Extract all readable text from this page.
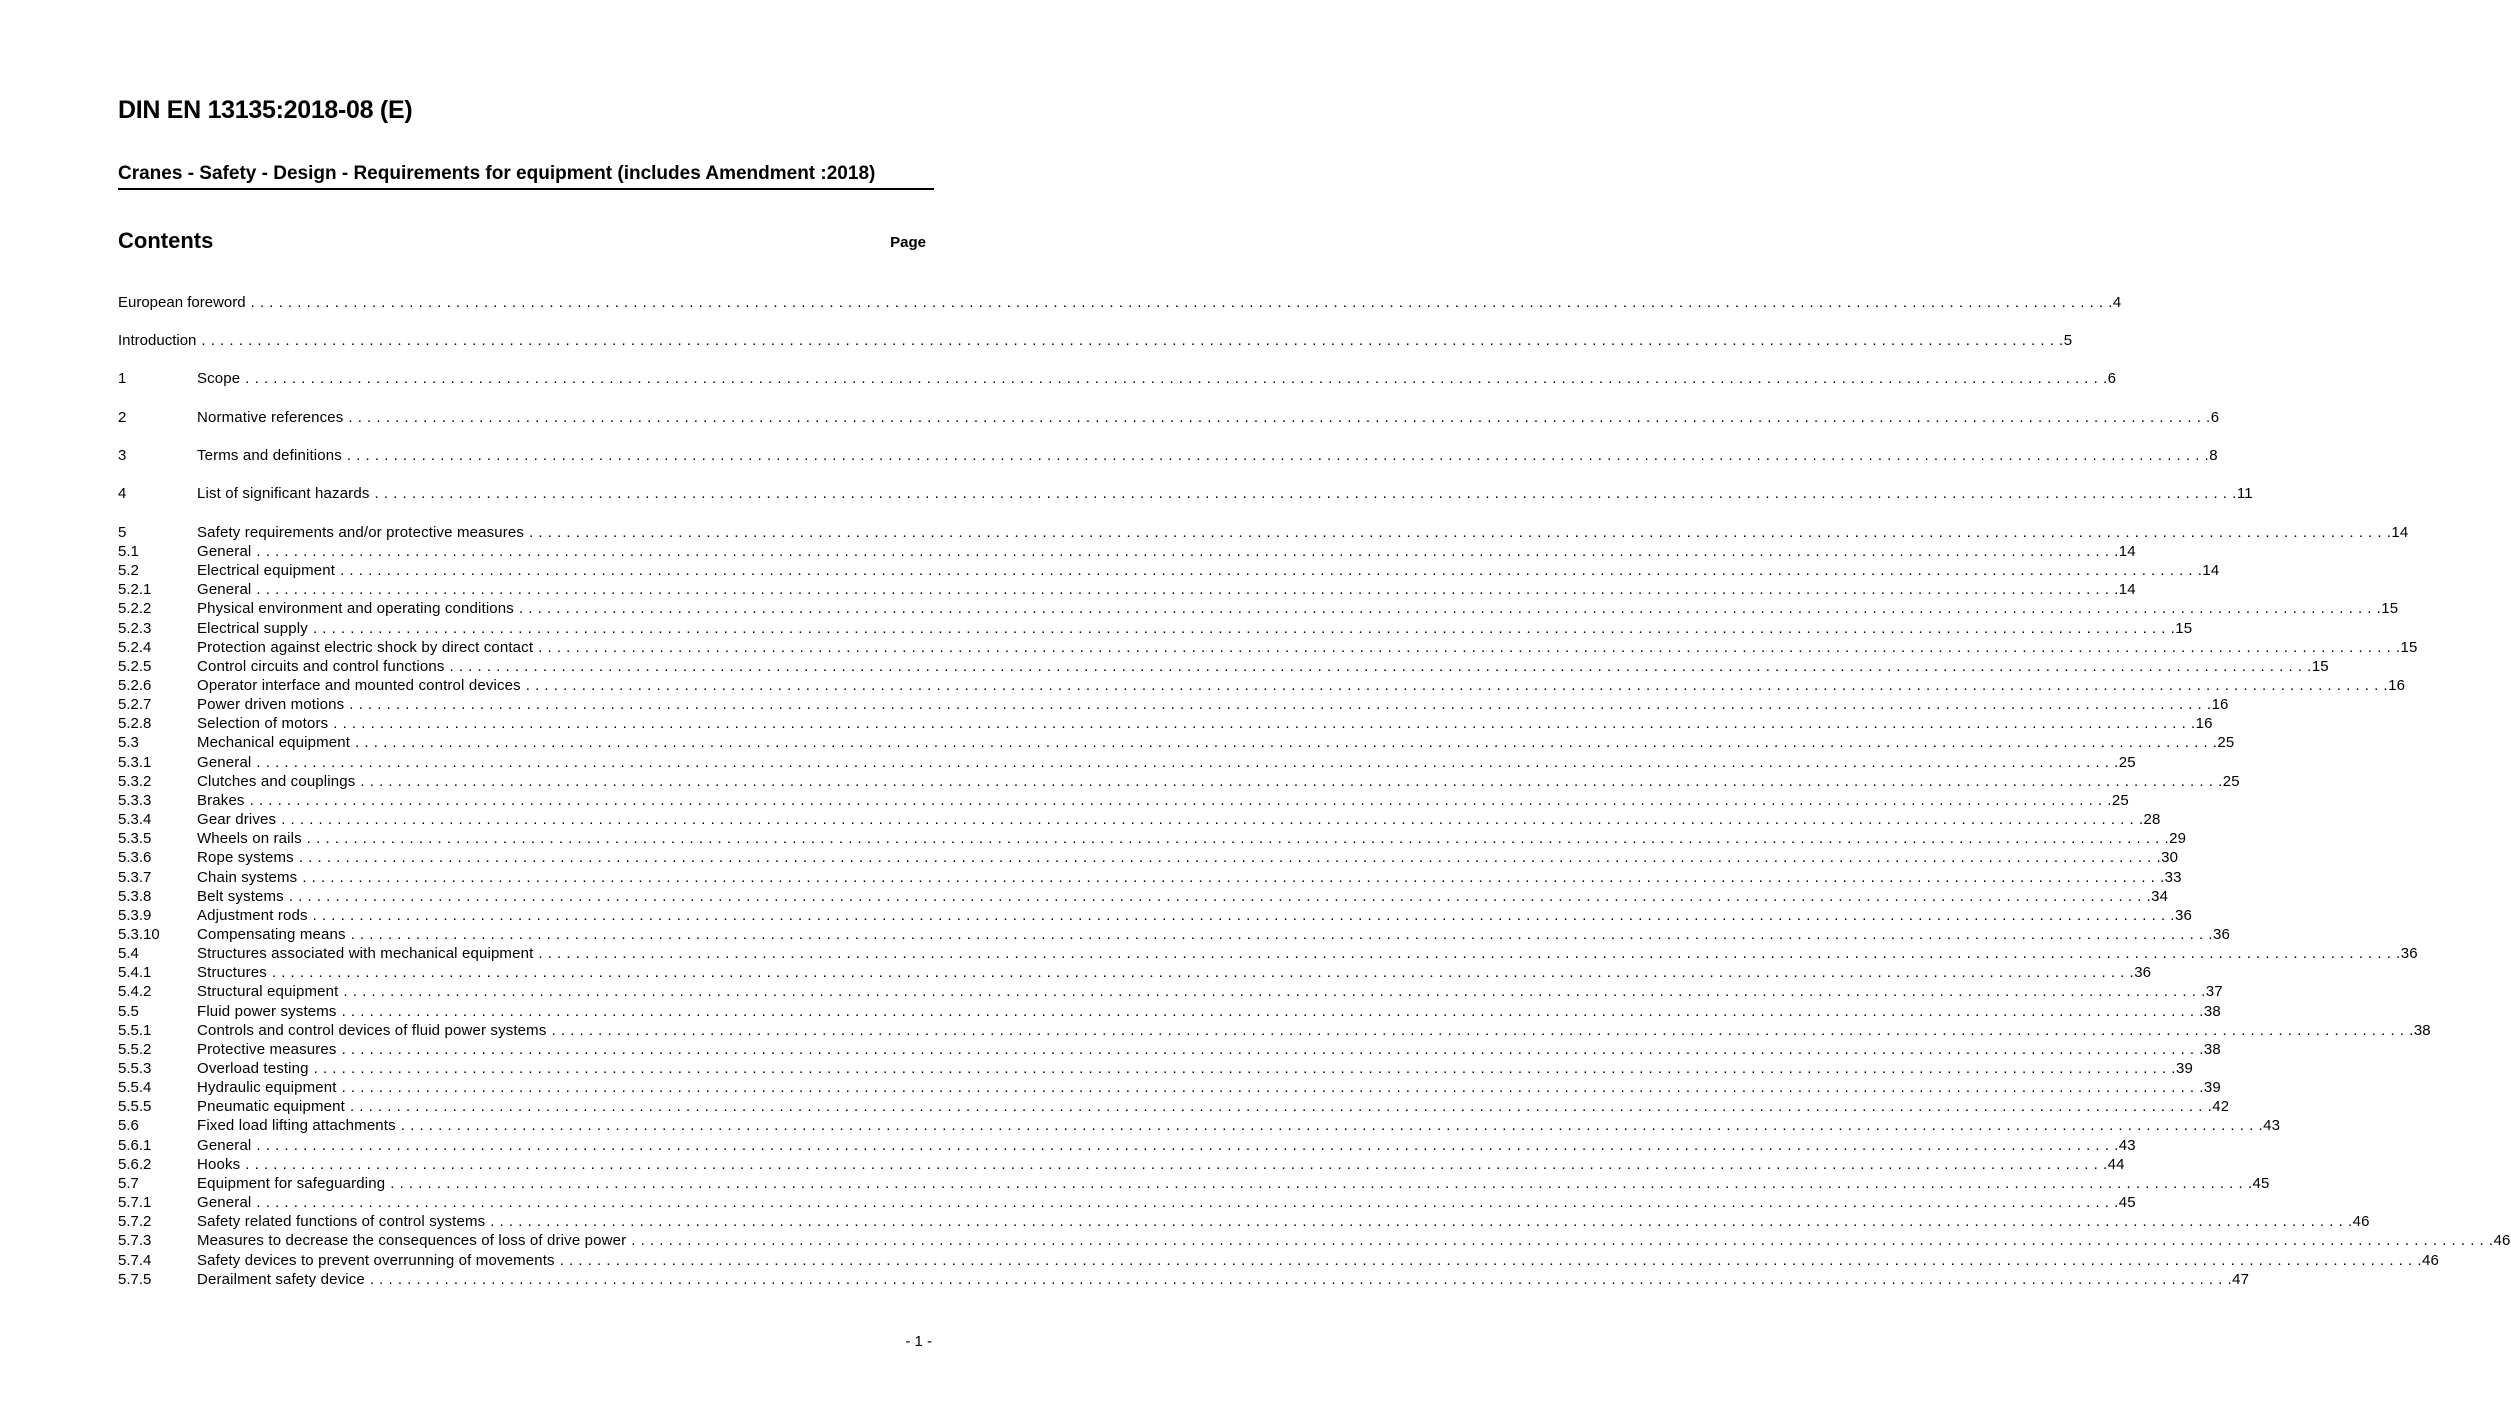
DIN EN 13135:2018-08 (E)
Cranes - Safety - Design - Requirements for equipment (includes Amendment :2018)
Contents	Page
European foreword . . . . . . . . . . . . . . . . . . . . . . . . . . . . . . . . . . . . . . . . . . . . . . . . . . . . . . . . . . . . . . . . . . . . . . . . . . . . . . . . . . . . . . . . . . . . . . . . . . . . . . . . . . . . . . . . . . . . . . . . . . . . . . . . . . . . . . . . . . . . . . . . . . . . . . . . . . . . . . . . . . . . . . . . . . . . . . . . . . . . . . . . . . . . . . . . . . . . . . . . 4
Introduction . . . . . . . . . . . . . . . . . . . . . . . . . . . . . . . . . . . . . . . . . . . . . . . . . . . . . . . . . . . . . . . . . . . . . . . . . . . . . . . . . . . . . . . . . . . . . . . . . . . . . . . . . . . . . . . . . . . . . . . . . . . . . . . . . . . . . . . . . . . . . . . . . . . . . . . . . . . . . . . . . . . . . . . . . . . . . . . . . . . . . . . . . . . . . . . . . . . . . . . . 5
1	Scope . . . . . . . . . . . . . . . . . . . . . . . . . . . . . . . . . . . . . . . . . . . . . . . . . . . . . . . . . . . . . . . . . . . . . . . . . . . . . . . . . . . . . . . . . . . . . . . . . . . . . . . . . . . . . . . . . . . . . . . . . . . . . . . . . . . . . . . . . . . . . . . . . . . . . . . . . . . . . . . . . . . . . . . . . . . . . . . . . . . . . . . . . . . . . . . . . . . . . . . . 6
2	Normative references . . . . . . . . . . . . . . . . . . . . . . . . . . . . . . . . . . . . . . . . . . . . . . . . . . . . . . . . . . . . . . . . . . . . . . . . . . . . . . . . . . . . . . . . . . . . . . . . . . . . . . . . . . . . . . . . . . . . . . . . . . . . . . . . . . . . . . . . . . . . . . . . . . . . . . . . . . . . . . . . . . . . . . . . . . . . . . . . . . . . . . . . . . . . . . . . . . . . . . . . 6
3	Terms and definitions . . . . . . . . . . . . . . . . . . . . . . . . . . . . . . . . . . . . . . . . . . . . . . . . . . . . . . . . . . . . . . . . . . . . . . . . . . . . . . . . . . . . . . . . . . . . . . . . . . . . . . . . . . . . . . . . . . . . . . . . . . . . . . . . . . . . . . . . . . . . . . . . . . . . . . . . . . . . . . . . . . . . . . . . . . . . . . . . . . . . . . . . . . . . . . . . . . . . . . . . 8
4	List of significant hazards . . . . . . . . . . . . . . . . . . . . . . . . . . . . . . . . . . . . . . . . . . . . . . . . . . . . . . . . . . . . . . . . . . . . . . . . . . . . . . . . . . . . . . . . . . . . . . . . . . . . . . . . . . . . . . . . . . . . . . . . . . . . . . . . . . . . . . . . . . . . . . . . . . . . . . . . . . . . . . . . . . . . . . . . . . . . . . . . . . . . . . . . . . . . . . . . . . . . . . . . 11
5	Safety requirements and/or protective measures . . . . . . . . . . . . . . . . . . . . . . . . . . . . . . . . . . . . . . . . . . . . . . . . . . . . . . . . . . . . . . . . . . . . . . . . . . . . . . . . . . . . . . . . . . . . . . . . . . . . . . . . . . . . . . . . . . . . . . . . . . . . . . . . . . . . . . . . . . . . . . . . . . . . . . . . . . . . . . . . . . . . . . . . . . . . . . . . . . . . . . . . . . . . . . . . . . . . . . . . 14
5.1	General . . . . . . . . . . . . . . . . . . . . . . . . . . . . . . . . . . . . . . . . . . . . . . . . . . . . . . . . . . . . . . . . . . . . . . . . . . . . . . . . . . . . . . . . . . . . . . . . . . . . . . . . . . . . . . . . . . . . . . . . . . . . . . . . . . . . . . . . . . . . . . . . . . . . . . . . . . . . . . . . . . . . . . . . . . . . . . . . . . . . . . . . . . . . . . . . . . . . . . . . 14
5.2	Electrical equipment . . . . . . . . . . . . . . . . . . . . . . . . . . . . . . . . . . . . . . . . . . . . . . . . . . . . . . . . . . . . . . . . . . . . . . . . . . . . . . . . . . . . . . . . . . . . . . . . . . . . . . . . . . . . . . . . . . . . . . . . . . . . . . . . . . . . . . . . . . . . . . . . . . . . . . . . . . . . . . . . . . . . . . . . . . . . . . . . . . . . . . . . . . . . . . . . . . . . . . . . 14
5.2.1	General . . . . . . . . . . . . . . . . . . . . . . . . . . . . . . . . . . . . . . . . . . . . . . . . . . . . . . . . . . . . . . . . . . . . . . . . . . . . . . . . . . . . . . . . . . . . . . . . . . . . . . . . . . . . . . . . . . . . . . . . . . . . . . . . . . . . . . . . . . . . . . . . . . . . . . . . . . . . . . . . . . . . . . . . . . . . . . . . . . . . . . . . . . . . . . . . . . . . . . . . 14
5.2.2	Physical environment and operating conditions . . . . . . . . . . . . . . . . . . . . . . . . . . . . . . . . . . . . . . . . . . . . . . . . . . . . . . . . . . . . . . . . . . . . . . . . . . . . . . . . . . . . . . . . . . . . . . . . . . . . . . . . . . . . . . . . . . . . . . . . . . . . . . . . . . . . . . . . . . . . . . . . . . . . . . . . . . . . . . . . . . . . . . . . . . . . . . . . . . . . . . . . . . . . . . . . . . . . . . . . 15
5.2.3	Electrical supply . . . . . . . . . . . . . . . . . . . . . . . . . . . . . . . . . . . . . . . . . . . . . . . . . . . . . . . . . . . . . . . . . . . . . . . . . . . . . . . . . . . . . . . . . . . . . . . . . . . . . . . . . . . . . . . . . . . . . . . . . . . . . . . . . . . . . . . . . . . . . . . . . . . . . . . . . . . . . . . . . . . . . . . . . . . . . . . . . . . . . . . . . . . . . . . . . . . . . . . . 15
5.2.4	Protection against electric shock by direct contact . . . . . . . . . . . . . . . . . . . . . . . . . . . . . . . . . . . . . . . . . . . . . . . . . . . . . . . . . . . . . . . . . . . . . . . . . . . . . . . . . . . . . . . . . . . . . . . . . . . . . . . . . . . . . . . . . . . . . . . . . . . . . . . . . . . . . . . . . . . . . . . . . . . . . . . . . . . . . . . . . . . . . . . . . . . . . . . . . . . . . . . . . . . . . . . . . . . . . . . . 15
5.2.5	Control circuits and control functions . . . . . . . . . . . . . . . . . . . . . . . . . . . . . . . . . . . . . . . . . . . . . . . . . . . . . . . . . . . . . . . . . . . . . . . . . . . . . . . . . . . . . . . . . . . . . . . . . . . . . . . . . . . . . . . . . . . . . . . . . . . . . . . . . . . . . . . . . . . . . . . . . . . . . . . . . . . . . . . . . . . . . . . . . . . . . . . . . . . . . . . . . . . . . . . . . . . . . . . . 15
5.2.6	Operator interface and mounted control devices . . . . . . . . . . . . . . . . . . . . . . . . . . . . . . . . . . . . . . . . . . . . . . . . . . . . . . . . . . . . . . . . . . . . . . . . . . . . . . . . . . . . . . . . . . . . . . . . . . . . . . . . . . . . . . . . . . . . . . . . . . . . . . . . . . . . . . . . . . . . . . . . . . . . . . . . . . . . . . . . . . . . . . . . . . . . . . . . . . . . . . . . . . . . . . . . . . . . . . . . 16
5.2.7	Power driven motions . . . . . . . . . . . . . . . . . . . . . . . . . . . . . . . . . . . . . . . . . . . . . . . . . . . . . . . . . . . . . . . . . . . . . . . . . . . . . . . . . . . . . . . . . . . . . . . . . . . . . . . . . . . . . . . . . . . . . . . . . . . . . . . . . . . . . . . . . . . . . . . . . . . . . . . . . . . . . . . . . . . . . . . . . . . . . . . . . . . . . . . . . . . . . . . . . . . . . . . . 16
5.2.8	Selection of motors . . . . . . . . . . . . . . . . . . . . . . . . . . . . . . . . . . . . . . . . . . . . . . . . . . . . . . . . . . . . . . . . . . . . . . . . . . . . . . . . . . . . . . . . . . . . . . . . . . . . . . . . . . . . . . . . . . . . . . . . . . . . . . . . . . . . . . . . . . . . . . . . . . . . . . . . . . . . . . . . . . . . . . . . . . . . . . . . . . . . . . . . . . . . . . . . . . . . . . . . 16
5.3	Mechanical equipment . . . . . . . . . . . . . . . . . . . . . . . . . . . . . . . . . . . . . . . . . . . . . . . . . . . . . . . . . . . . . . . . . . . . . . . . . . . . . . . . . . . . . . . . . . . . . . . . . . . . . . . . . . . . . . . . . . . . . . . . . . . . . . . . . . . . . . . . . . . . . . . . . . . . . . . . . . . . . . . . . . . . . . . . . . . . . . . . . . . . . . . . . . . . . . . . . . . . . . . . 25
5.3.1	General . . . . . . . . . . . . . . . . . . . . . . . . . . . . . . . . . . . . . . . . . . . . . . . . . . . . . . . . . . . . . . . . . . . . . . . . . . . . . . . . . . . . . . . . . . . . . . . . . . . . . . . . . . . . . . . . . . . . . . . . . . . . . . . . . . . . . . . . . . . . . . . . . . . . . . . . . . . . . . . . . . . . . . . . . . . . . . . . . . . . . . . . . . . . . . . . . . . . . . . . 25
5.3.2	Clutches and couplings . . . . . . . . . . . . . . . . . . . . . . . . . . . . . . . . . . . . . . . . . . . . . . . . . . . . . . . . . . . . . . . . . . . . . . . . . . . . . . . . . . . . . . . . . . . . . . . . . . . . . . . . . . . . . . . . . . . . . . . . . . . . . . . . . . . . . . . . . . . . . . . . . . . . . . . . . . . . . . . . . . . . . . . . . . . . . . . . . . . . . . . . . . . . . . . . . . . . . . . . 25
5.3.3	Brakes . . . . . . . . . . . . . . . . . . . . . . . . . . . . . . . . . . . . . . . . . . . . . . . . . . . . . . . . . . . . . . . . . . . . . . . . . . . . . . . . . . . . . . . . . . . . . . . . . . . . . . . . . . . . . . . . . . . . . . . . . . . . . . . . . . . . . . . . . . . . . . . . . . . . . . . . . . . . . . . . . . . . . . . . . . . . . . . . . . . . . . . . . . . . . . . . . . . . . . . . 25
5.3.4	Gear drives . . . . . . . . . . . . . . . . . . . . . . . . . . . . . . . . . . . . . . . . . . . . . . . . . . . . . . . . . . . . . . . . . . . . . . . . . . . . . . . . . . . . . . . . . . . . . . . . . . . . . . . . . . . . . . . . . . . . . . . . . . . . . . . . . . . . . . . . . . . . . . . . . . . . . . . . . . . . . . . . . . . . . . . . . . . . . . . . . . . . . . . . . . . . . . . . . . . . . . . . 28
5.3.5	Wheels on rails . . . . . . . . . . . . . . . . . . . . . . . . . . . . . . . . . . . . . . . . . . . . . . . . . . . . . . . . . . . . . . . . . . . . . . . . . . . . . . . . . . . . . . . . . . . . . . . . . . . . . . . . . . . . . . . . . . . . . . . . . . . . . . . . . . . . . . . . . . . . . . . . . . . . . . . . . . . . . . . . . . . . . . . . . . . . . . . . . . . . . . . . . . . . . . . . . . . . . . . . 29
5.3.6	Rope systems . . . . . . . . . . . . . . . . . . . . . . . . . . . . . . . . . . . . . . . . . . . . . . . . . . . . . . . . . . . . . . . . . . . . . . . . . . . . . . . . . . . . . . . . . . . . . . . . . . . . . . . . . . . . . . . . . . . . . . . . . . . . . . . . . . . . . . . . . . . . . . . . . . . . . . . . . . . . . . . . . . . . . . . . . . . . . . . . . . . . . . . . . . . . . . . . . . . . . . . . 30
5.3.7	Chain systems . . . . . . . . . . . . . . . . . . . . . . . . . . . . . . . . . . . . . . . . . . . . . . . . . . . . . . . . . . . . . . . . . . . . . . . . . . . . . . . . . . . . . . . . . . . . . . . . . . . . . . . . . . . . . . . . . . . . . . . . . . . . . . . . . . . . . . . . . . . . . . . . . . . . . . . . . . . . . . . . . . . . . . . . . . . . . . . . . . . . . . . . . . . . . . . . . . . . . . . . 33
5.3.8	Belt systems . . . . . . . . . . . . . . . . . . . . . . . . . . . . . . . . . . . . . . . . . . . . . . . . . . . . . . . . . . . . . . . . . . . . . . . . . . . . . . . . . . . . . . . . . . . . . . . . . . . . . . . . . . . . . . . . . . . . . . . . . . . . . . . . . . . . . . . . . . . . . . . . . . . . . . . . . . . . . . . . . . . . . . . . . . . . . . . . . . . . . . . . . . . . . . . . . . . . . . . . 34
5.3.9	Adjustment rods . . . . . . . . . . . . . . . . . . . . . . . . . . . . . . . . . . . . . . . . . . . . . . . . . . . . . . . . . . . . . . . . . . . . . . . . . . . . . . . . . . . . . . . . . . . . . . . . . . . . . . . . . . . . . . . . . . . . . . . . . . . . . . . . . . . . . . . . . . . . . . . . . . . . . . . . . . . . . . . . . . . . . . . . . . . . . . . . . . . . . . . . . . . . . . . . . . . . . . . . 36
5.3.10 Compensating means . . . . . . . . . . . . . . . . . . . . . . . . . . . . . . . . . . . . . . . . . . . . . . . . . . . . . . . . . . . . . . . . . . . . . . . . . . . . . . . . . . . . . . . . . . . . . . . . . . . . . . . . . . . . . . . . . . . . . . . . . . . . . . . . . . . . . . . . . . . . . . . . . . . . . . . . . . . . . . . . . . . . . . . . . . . . . . . . . . . . . . . . . . . . . . . . . . . . . . . . 36
5.4	Structures associated with mechanical equipment . . . . . . . . . . . . . . . . . . . . . . . . . . . . . . . . . . . . . . . . . . . . . . . . . . . . . . . . . . . . . . . . . . . . . . . . . . . . . . . . . . . . . . . . . . . . . . . . . . . . . . . . . . . . . . . . . . . . . . . . . . . . . . . . . . . . . . . . . . . . . . . . . . . . . . . . . . . . . . . . . . . . . . . . . . . . . . . . . . . . . . . . . . . . . . . . . . . . . . . . 36
5.4.1	Structures . . . . . . . . . . . . . . . . . . . . . . . . . . . . . . . . . . . . . . . . . . . . . . . . . . . . . . . . . . . . . . . . . . . . . . . . . . . . . . . . . . . . . . . . . . . . . . . . . . . . . . . . . . . . . . . . . . . . . . . . . . . . . . . . . . . . . . . . . . . . . . . . . . . . . . . . . . . . . . . . . . . . . . . . . . . . . . . . . . . . . . . . . . . . . . . . . . . . . . . . 36
5.4.2	Structural equipment . . . . . . . . . . . . . . . . . . . . . . . . . . . . . . . . . . . . . . . . . . . . . . . . . . . . . . . . . . . . . . . . . . . . . . . . . . . . . . . . . . . . . . . . . . . . . . . . . . . . . . . . . . . . . . . . . . . . . . . . . . . . . . . . . . . . . . . . . . . . . . . . . . . . . . . . . . . . . . . . . . . . . . . . . . . . . . . . . . . . . . . . . . . . . . . . . . . . . . . . 37
5.5	Fluid power systems . . . . . . . . . . . . . . . . . . . . . . . . . . . . . . . . . . . . . . . . . . . . . . . . . . . . . . . . . . . . . . . . . . . . . . . . . . . . . . . . . . . . . . . . . . . . . . . . . . . . . . . . . . . . . . . . . . . . . . . . . . . . . . . . . . . . . . . . . . . . . . . . . . . . . . . . . . . . . . . . . . . . . . . . . . . . . . . . . . . . . . . . . . . . . . . . . . . . . . . . 38
5.5.1	Controls and control devices of fluid power systems . . . . . . . . . . . . . . . . . . . . . . . . . . . . . . . . . . . . . . . . . . . . . . . . . . . . . . . . . . . . . . . . . . . . . . . . . . . . . . . . . . . . . . . . . . . . . . . . . . . . . . . . . . . . . . . . . . . . . . . . . . . . . . . . . . . . . . . . . . . . . . . . . . . . . . . . . . . . . . . . . . . . . . . . . . . . . . . . . . . . . . . . . . . . . . . . . . . . . . . . 38
5.5.2	Protective measures . . . . . . . . . . . . . . . . . . . . . . . . . . . . . . . . . . . . . . . . . . . . . . . . . . . . . . . . . . . . . . . . . . . . . . . . . . . . . . . . . . . . . . . . . . . . . . . . . . . . . . . . . . . . . . . . . . . . . . . . . . . . . . . . . . . . . . . . . . . . . . . . . . . . . . . . . . . . . . . . . . . . . . . . . . . . . . . . . . . . . . . . . . . . . . . . . . . . . . . . 38
5.5.3	Overload testing . . . . . . . . . . . . . . . . . . . . . . . . . . . . . . . . . . . . . . . . . . . . . . . . . . . . . . . . . . . . . . . . . . . . . . . . . . . . . . . . . . . . . . . . . . . . . . . . . . . . . . . . . . . . . . . . . . . . . . . . . . . . . . . . . . . . . . . . . . . . . . . . . . . . . . . . . . . . . . . . . . . . . . . . . . . . . . . . . . . . . . . . . . . . . . . . . . . . . . . . 39
5.5.4	Hydraulic equipment . . . . . . . . . . . . . . . . . . . . . . . . . . . . . . . . . . . . . . . . . . . . . . . . . . . . . . . . . . . . . . . . . . . . . . . . . . . . . . . . . . . . . . . . . . . . . . . . . . . . . . . . . . . . . . . . . . . . . . . . . . . . . . . . . . . . . . . . . . . . . . . . . . . . . . . . . . . . . . . . . . . . . . . . . . . . . . . . . . . . . . . . . . . . . . . . . . . . . . . . 39
5.5.5	Pneumatic equipment . . . . . . . . . . . . . . . . . . . . . . . . . . . . . . . . . . . . . . . . . . . . . . . . . . . . . . . . . . . . . . . . . . . . . . . . . . . . . . . . . . . . . . . . . . . . . . . . . . . . . . . . . . . . . . . . . . . . . . . . . . . . . . . . . . . . . . . . . . . . . . . . . . . . . . . . . . . . . . . . . . . . . . . . . . . . . . . . . . . . . . . . . . . . . . . . . . . . . . . . 42
5.6	Fixed load lifting attachments . . . . . . . . . . . . . . . . . . . . . . . . . . . . . . . . . . . . . . . . . . . . . . . . . . . . . . . . . . . . . . . . . . . . . . . . . . . . . . . . . . . . . . . . . . . . . . . . . . . . . . . . . . . . . . . . . . . . . . . . . . . . . . . . . . . . . . . . . . . . . . . . . . . . . . . . . . . . . . . . . . . . . . . . . . . . . . . . . . . . . . . . . . . . . . . . . . . . . . . . 43
5.6.1	General . . . . . . . . . . . . . . . . . . . . . . . . . . . . . . . . . . . . . . . . . . . . . . . . . . . . . . . . . . . . . . . . . . . . . . . . . . . . . . . . . . . . . . . . . . . . . . . . . . . . . . . . . . . . . . . . . . . . . . . . . . . . . . . . . . . . . . . . . . . . . . . . . . . . . . . . . . . . . . . . . . . . . . . . . . . . . . . . . . . . . . . . . . . . . . . . . . . . . . . . 43
5.6.2	Hooks . . . . . . . . . . . . . . . . . . . . . . . . . . . . . . . . . . . . . . . . . . . . . . . . . . . . . . . . . . . . . . . . . . . . . . . . . . . . . . . . . . . . . . . . . . . . . . . . . . . . . . . . . . . . . . . . . . . . . . . . . . . . . . . . . . . . . . . . . . . . . . . . . . . . . . . . . . . . . . . . . . . . . . . . . . . . . . . . . . . . . . . . . . . . . . . . . . . . . . . . 44
5.7	Equipment for safeguarding . . . . . . . . . . . . . . . . . . . . . . . . . . . . . . . . . . . . . . . . . . . . . . . . . . . . . . . . . . . . . . . . . . . . . . . . . . . . . . . . . . . . . . . . . . . . . . . . . . . . . . . . . . . . . . . . . . . . . . . . . . . . . . . . . . . . . . . . . . . . . . . . . . . . . . . . . . . . . . . . . . . . . . . . . . . . . . . . . . . . . . . . . . . . . . . . . . . . . . . . 45
5.7.1	General . . . . . . . . . . . . . . . . . . . . . . . . . . . . . . . . . . . . . . . . . . . . . . . . . . . . . . . . . . . . . . . . . . . . . . . . . . . . . . . . . . . . . . . . . . . . . . . . . . . . . . . . . . . . . . . . . . . . . . . . . . . . . . . . . . . . . . . . . . . . . . . . . . . . . . . . . . . . . . . . . . . . . . . . . . . . . . . . . . . . . . . . . . . . . . . . . . . . . . . . 45
5.7.2	Safety related functions of control systems . . . . . . . . . . . . . . . . . . . . . . . . . . . . . . . . . . . . . . . . . . . . . . . . . . . . . . . . . . . . . . . . . . . . . . . . . . . . . . . . . . . . . . . . . . . . . . . . . . . . . . . . . . . . . . . . . . . . . . . . . . . . . . . . . . . . . . . . . . . . . . . . . . . . . . . . . . . . . . . . . . . . . . . . . . . . . . . . . . . . . . . . . . . . . . . . . . . . . . . . 46
5.7.3	Measures to decrease the consequences of loss of drive power . . . . . . . . . . . . . . . . . . . . . . . . . . . . . . . . . . . . . . . . . . . . . . . . . . . . . . . . . . . . . . . . . . . . . . . . . . . . . . . . . . . . . . . . . . . . . . . . . . . . . . . . . . . . . . . . . . . . . . . . . . . . . . . . . . . . . . . . . . . . . . . . . . . . . . . . . . . . . . . . . . . . . . . . . . . . . . . . . . . . . . . . . . . . . . . . . . . . . . . . 46
5.7.4	Safety devices to prevent overrunning of movements . . . . . . . . . . . . . . . . . . . . . . . . . . . . . . . . . . . . . . . . . . . . . . . . . . . . . . . . . . . . . . . . . . . . . . . . . . . . . . . . . . . . . . . . . . . . . . . . . . . . . . . . . . . . . . . . . . . . . . . . . . . . . . . . . . . . . . . . . . . . . . . . . . . . . . . . . . . . . . . . . . . . . . . . . . . . . . . . . . . . . . . . . . . . . . . . . . . . . . . . 46
5.7.5	Derailment safety device . . . . . . . . . . . . . . . . . . . . . . . . . . . . . . . . . . . . . . . . . . . . . . . . . . . . . . . . . . . . . . . . . . . . . . . . . . . . . . . . . . . . . . . . . . . . . . . . . . . . . . . . . . . . . . . . . . . . . . . . . . . . . . . . . . . . . . . . . . . . . . . . . . . . . . . . . . . . . . . . . . . . . . . . . . . . . . . . . . . . . . . . . . . . . . . . . . . . . . . . 47
- 1 -
